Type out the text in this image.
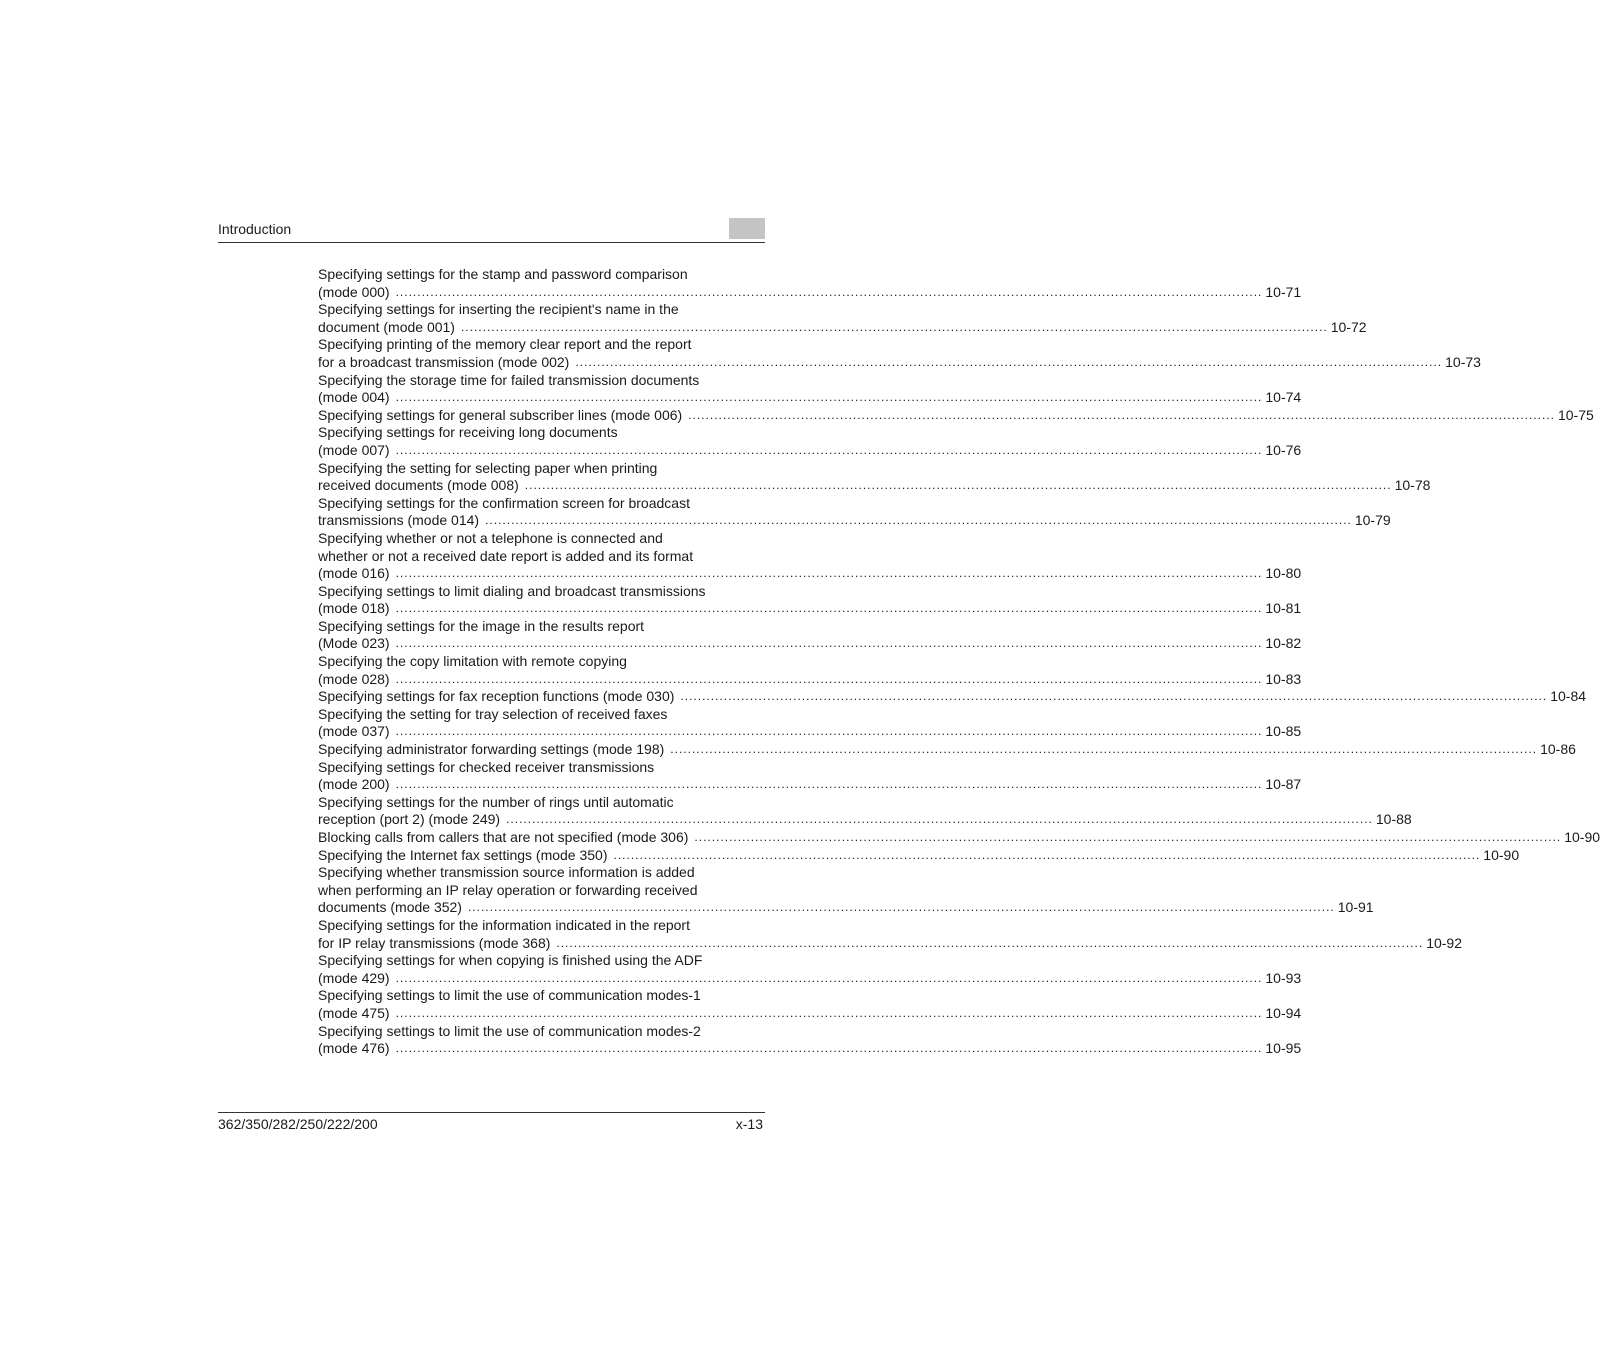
Introduction
Specifying settings for the stamp and password comparison
(mode 000) ........................................................................................................................................................................................................ 10-71
Specifying settings for inserting the recipient's name in the
document (mode 001) ........................................................................................................................................................................................................ 10-72
Specifying printing of the memory clear report and the report
for a broadcast transmission (mode 002) ........................................................................................................................................................................................................ 10-73
Specifying the storage time for failed transmission documents
(mode 004) ........................................................................................................................................................................................................ 10-74
Specifying settings for general subscriber lines (mode 006) ........................................................................................................................................................................................................ 10-75
Specifying settings for receiving long documents
(mode 007) ........................................................................................................................................................................................................ 10-76
Specifying the setting for selecting paper when printing
received documents (mode 008) ........................................................................................................................................................................................................ 10-78
Specifying settings for the confirmation screen for broadcast
transmissions (mode 014) ........................................................................................................................................................................................................ 10-79
Specifying whether or not a telephone is connected and
whether or not a received date report is added and its format
(mode 016) ........................................................................................................................................................................................................ 10-80
Specifying settings to limit dialing and broadcast transmissions
(mode 018) ........................................................................................................................................................................................................ 10-81
Specifying settings for the image in the results report
(Mode 023) ........................................................................................................................................................................................................ 10-82
Specifying the copy limitation with remote copying
(mode 028) ........................................................................................................................................................................................................ 10-83
Specifying settings for fax reception functions (mode 030) ........................................................................................................................................................................................................ 10-84
Specifying the setting for tray selection of received faxes
(mode 037) ........................................................................................................................................................................................................ 10-85
Specifying administrator forwarding settings (mode 198) ........................................................................................................................................................................................................ 10-86
Specifying settings for checked receiver transmissions
(mode 200) ........................................................................................................................................................................................................ 10-87
Specifying settings for the number of rings until automatic
reception (port 2) (mode 249) ........................................................................................................................................................................................................ 10-88
Blocking calls from callers that are not specified (mode 306) ........................................................................................................................................................................................................ 10-90
Specifying the Internet fax settings (mode 350) ........................................................................................................................................................................................................ 10-90
Specifying whether transmission source information is added
when performing an IP relay operation or forwarding received
documents (mode 352) ........................................................................................................................................................................................................ 10-91
Specifying settings for the information indicated in the report
for IP relay transmissions (mode 368) ........................................................................................................................................................................................................ 10-92
Specifying settings for when copying is finished using the ADF
(mode 429) ........................................................................................................................................................................................................ 10-93
Specifying settings to limit the use of communication modes-1
(mode 475) ........................................................................................................................................................................................................ 10-94
Specifying settings to limit the use of communication modes-2
(mode 476) ........................................................................................................................................................................................................ 10-95
362/350/282/250/222/200	x-13
